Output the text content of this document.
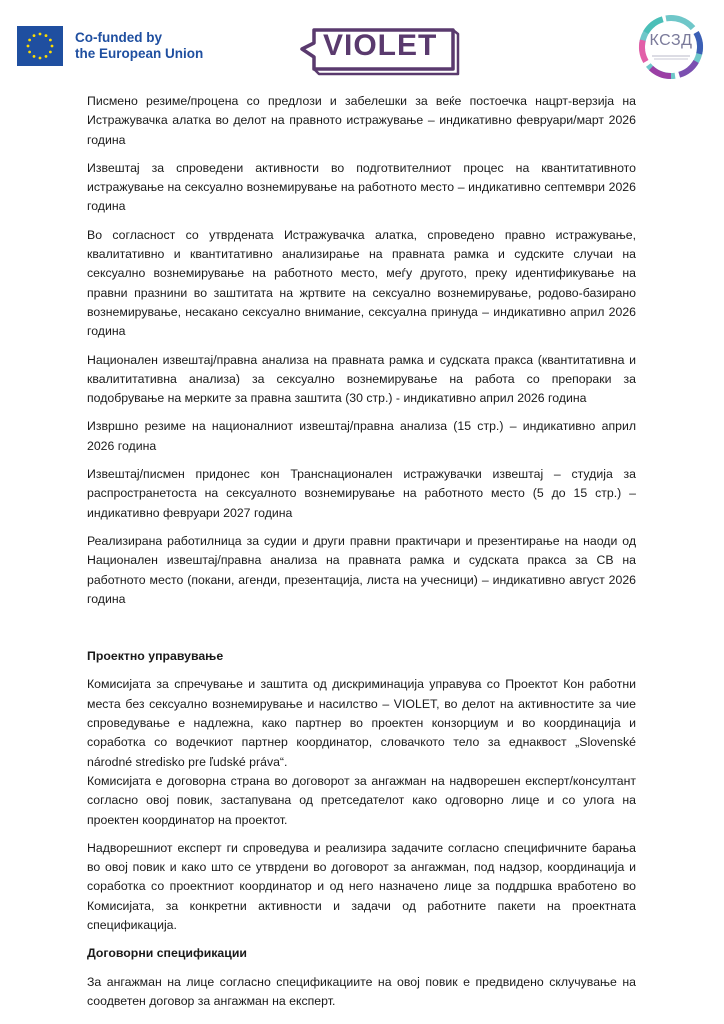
Co-funded by
the European Union	VIOLET	КСЗД

Писмено резиме/процена со предлози и забелешки за веќе постоечка нацрт-верзија на Истражувачка алатка во делот на правното истражување – индикативно февруари/март 2026 година

Извештај за спроведени активности во подготвителниот процес на квантитативното истражување на сексуално вознемирување на работното место – индикативно септември 2026 година

Во согласност со утврдената Истражувачка алатка, спроведено правно истражување, квалитативно и квантитативно анализирање на правната рамка и судските случаи на сексуално вознемирување на работното место, меѓу другото, преку идентификување на правни празнини во заштитата на жртвите на сексуално вознемирување, родово-базирано вознемирување, несакано сексуално внимание, сексуална принуда – индикативно април 2026 година

Национален извештај/правна анализа на правната рамка и судската пракса (квантитативна и квалититативна анализа) за сексуално вознемирување на работа со препораки за подобрување на мерките за правна заштита (30 стр.) - индикативно април 2026 година

Извршно резиме на националниот извештај/правна анализа (15 стр.) – индикативно април 2026 година

Извештај/писмен придонес кон Транснационален истражувачки извештај – студија за распространетоста на сексуалното вознемирување на работното место (5 до 15 стр.) – индикативно февруари 2027 година

Реализирана работилница за судии и други правни практичари и презентирање на наоди од Национален извештај/правна анализа на правната рамка и судската пракса за СВ на работното место (покани, агенди, презентација, листа на учесници) – индикативно август 2026 година

Проектно управување

Комисијата за спречување и заштита од дискриминација управува со Проектот Кон работни места без сексуално вознемирување и насилство – VIOLET, во делот на активностите за чие спроведување е надлежна, како партнер во проектен конзорциум и во координација и соработка со водечкиот партнер координатор, словачкото тело за еднаквост „Slovenské národné stredisko pre ľudské práva“.

Комисијата е договорна страна во договорот за ангажман на надворешен експерт/консултант согласно овој повик, застапувана од претседателот како одговорно лице и со улога на проектен координатор на проектот.

Надворешниот експерт ги спроведува и реализира задачите согласно специфичните барања во овој повик и како што се утврдени во договорот за ангажман, под надзор, координација и соработка со проектниот координатор и од него назначено лице за поддршка вработено во Комисијата, за конкретни активности и задачи од работните пакети на проектната спецификација.

Договорни спецификации

За ангажман на лице согласно спецификациите на овој повик е предвидено склучување на соодветен договор за ангажман на експерт.
